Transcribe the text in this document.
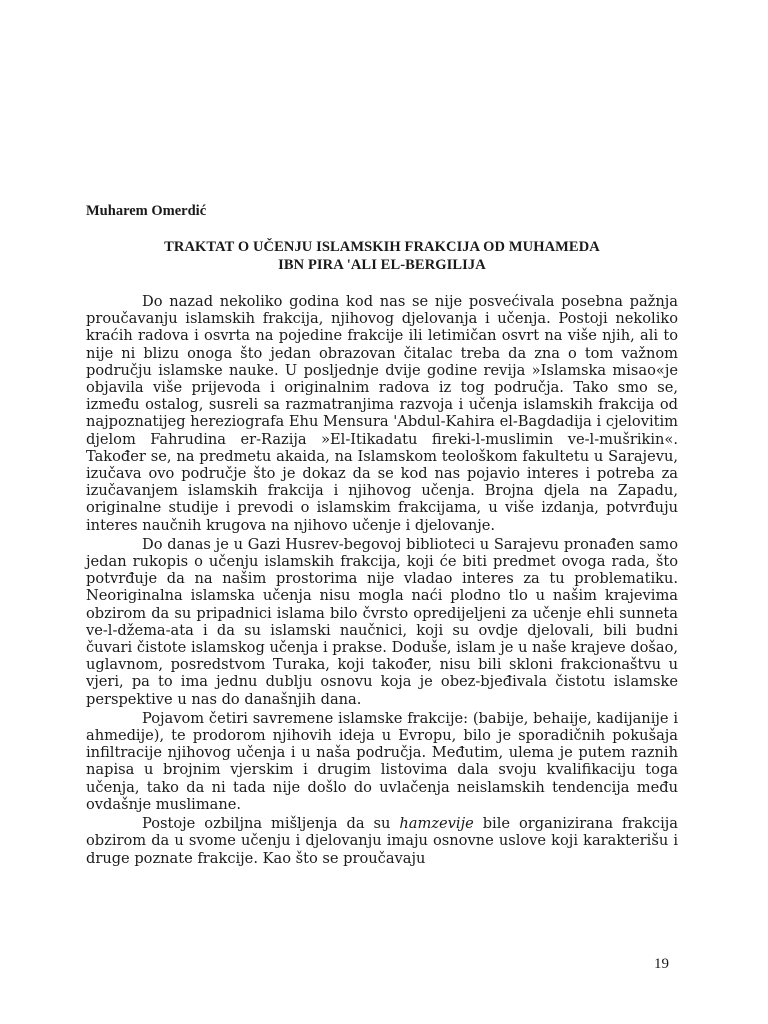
Muharem Omerdić
TRAKTAT O UČENJU ISLAMSKIH FRAKCIJA OD MUHAMEDA
IBN PIRA 'ALI EL-BERGILIJA

Do nazad nekoliko godina kod nas se nije posvećivala posebna pažnja proučavanju islamskih frakcija, njihovog djelovanja i učenja. Postoji nekoliko kraćih radova i osvrta na pojedine frakcije ili letimičan osvrt na više njih, ali to nije ni blizu onoga što jedan obrazovan čitalac treba da zna o tom važnom području islamske nauke. U posljednje dvije godine revija »Islamska misao«je objavila više prijevoda i originalnim radova iz tog područja. Tako smo se, između ostalog, susreli sa razmatranjima razvoja i učenja islamskih frakcija od najpoznatijeg hereziografa Ehu Mensura 'Abdul-Kahira el-Bagdadija i cjelovitim djelom Fahrudina er-Razija »El-Itikadatu fireki-l-muslimin ve-l-mušrikin«. Također se, na predmetu akaida, na Islamskom teološkom fakultetu u Sarajevu, izučava ovo područje što je dokaz da se kod nas pojavio interes i potreba za izučavanjem islamskih frakcija i njihovog učenja. Brojna djela na Zapadu, originalne studije i prevodi o islamskim frakcijama, u više izdanja, potvrđuju interes naučnih krugova na njihovo učenje i djelovanje.

Do danas je u Gazi Husrev-begovoj biblioteci u Sarajevu pronađen samo jedan rukopis o učenju islamskih frakcija, koji će biti predmet ovoga rada, što potvrđuje da na našim prostorima nije vladao interes za tu problematiku. Neoriginalna islamska učenja nisu mogla naći plodno tlo u našim krajevima obzirom da su pripadnici islama bilo čvrsto opredijeljeni za učenje ehli sunneta ve-l-džema-ata i da su islamski naučnici, koji su ovdje djelovali, bili budni čuvari čistote islamskog učenja i prakse. Doduše, islam je u naše krajeve došao, uglavnom, posredstvom Turaka, koji također, nisu bili skloni frakcionaštvu u vjeri, pa to ima jednu dublju osnovu koja je obez-bjeđivala čistotu islamske perspektive u nas do današnjih dana.

Pojavom četiri savremene islamske frakcije: (babije, behaije, kadijanije i ahmedije), te prodorom njihovih ideja u Evropu, bilo je sporadičnih pokušaja infiltracije njihovog učenja i u naša područja. Međutim, ulema je putem raznih napisa u brojnim vjerskim i drugim listovima dala svoju kvalifikaciju toga učenja, tako da ni tada nije došlo do uvlačenja neislamskih tendencija među ovdašnje muslimane.

Postoje ozbiljna mišljenja da su hamzevije bile organizirana frakcija obzirom da u svome učenju i djelovanju imaju osnovne uslove koji karakterišu i druge poznate frakcije. Kao što se proučavaju

19
